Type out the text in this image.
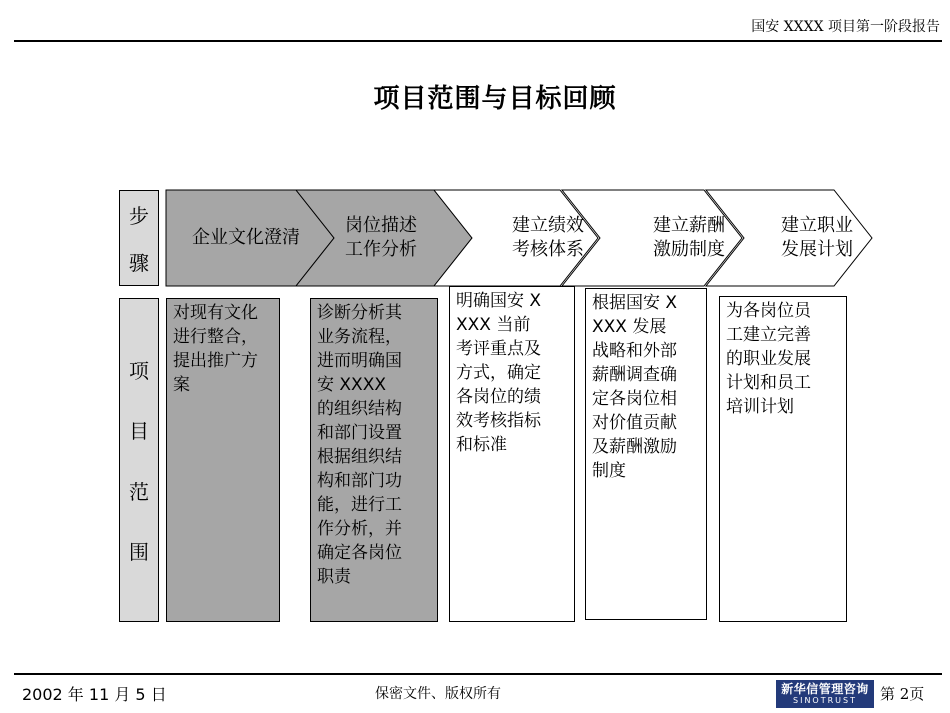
国安 XXXX 项目第一阶段报告
项目范围与目标回顾
步
骤
项
目
范
围
企业文化澄清
岗位描述
工作分析
建立绩效
考核体系
建立薪酬
激励制度
建立职业
发展计划
对现有文化
进行整合，
提出推广方
案
诊断分析其
业务流程，
进而明确国
安 XXXX
的组织结构
和部门设置
根据组织结
构和部门功
能，进行工
作分析，并
确定各岗位
职责
明确国安 X
XXX 当前
考评重点及
方式，确定
各岗位的绩
效考核指标
和标准
根据国安 X
XXX 发展
战略和外部
薪酬调查确
定各岗位相
对价值贡献
及薪酬激励
制度
为各岗位员
工建立完善
的职业发展
计划和员工
培训计划
2002 年 11 月 5 日	保密文件、版权所有	新华信管理咨询
SINOTRUST 第 2页
